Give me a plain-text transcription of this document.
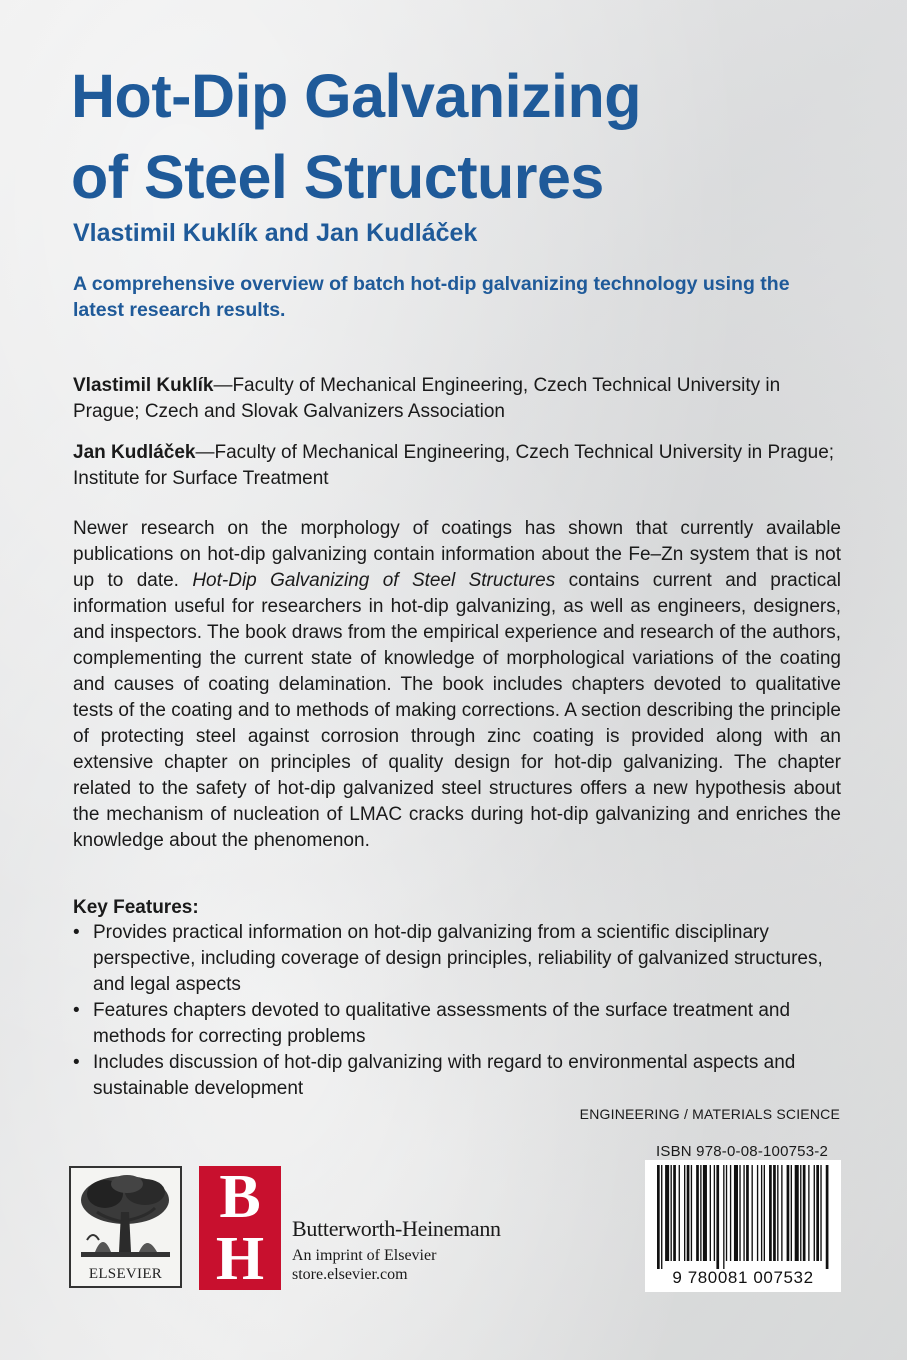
Hot-Dip Galvanizing
of Steel Structures
Vlastimil Kuklík and Jan Kudláček
A comprehensive overview of batch hot-dip galvanizing technology using the latest research results.
Vlastimil Kuklík—Faculty of Mechanical Engineering, Czech Technical University in Prague; Czech and Slovak Galvanizers Association
Jan Kudláček—Faculty of Mechanical Engineering, Czech Technical University in Prague; Institute for Surface Treatment
Newer research on the morphology of coatings has shown that currently available publications on hot-dip galvanizing contain information about the Fe–Zn system that is not up to date. Hot-Dip Galvanizing of Steel Structures contains current and practical information useful for researchers in hot-dip galvanizing, as well as engineers, designers, and inspectors. The book draws from the empirical experience and research of the authors, complementing the current state of knowledge of morphological variations of the coating and causes of coating delamination. The book includes chapters devoted to qualitative tests of the coating and to methods of making corrections. A section describing the principle of protecting steel against corrosion through zinc coating is provided along with an extensive chapter on principles of quality design for hot-dip galvanizing. The chapter related to the safety of hot-dip galvanized steel structures offers a new hypothesis about the mechanism of nucleation of LMAC cracks during hot-dip galvanizing and enriches the knowledge about the phenomenon.
Key Features:
• Provides practical information on hot-dip galvanizing from a scientific disciplinary perspective, including coverage of design principles, reliability of galvanized structures, and legal aspects
• Features chapters devoted to qualitative assessments of the surface treatment and methods for correcting problems
• Includes discussion of hot-dip galvanizing with regard to environmental aspects and sustainable development
ENGINEERING / MATERIALS SCIENCE
ELSEVIER
B
H	Butterworth-Heinemann
An imprint of Elsevier
store.elsevier.com
ISBN 978-0-08-100753-2
9 780081 007532
